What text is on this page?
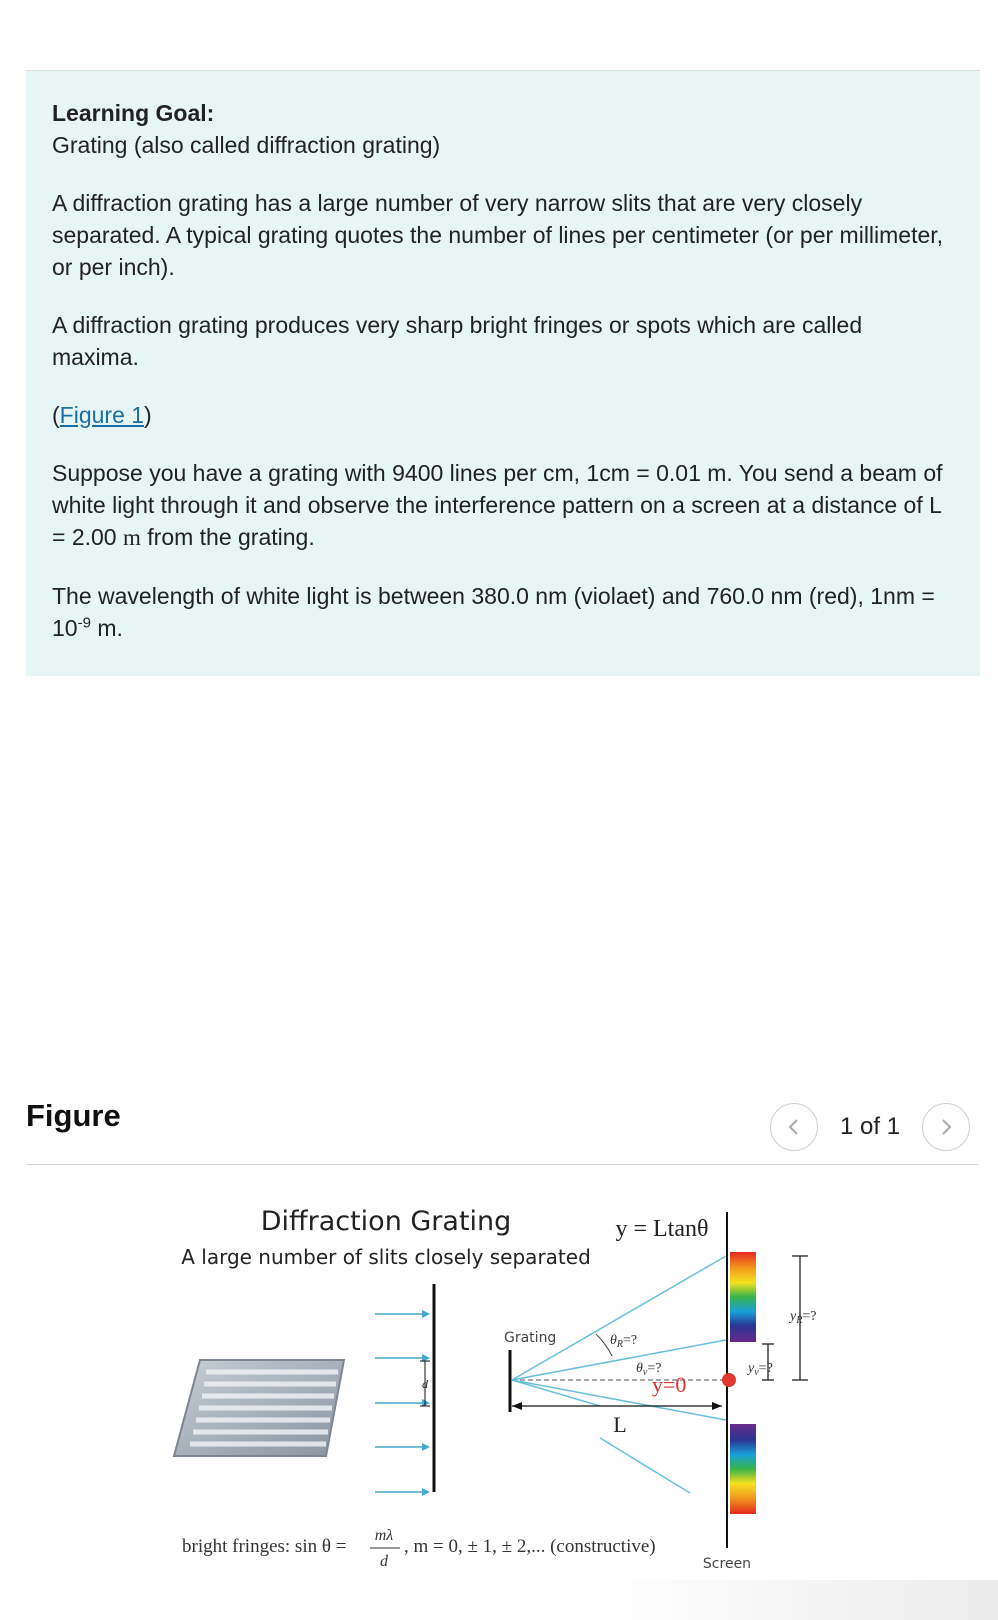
Learning Goal:

Grating (also called diffraction grating)

A diffraction grating has a large number of very narrow slits that are very closely separated. A typical grating quotes the number of lines per centimeter (or per millimeter, or per inch).

A diffraction grating produces very sharp bright fringes or spots which are called maxima.

(Figure 1)

Suppose you have a grating with 9400 lines per cm, 1cm = 0.01 m. You send a beam of white light through it and observe the interference pattern on a screen at a distance of L = 2.00 m from the grating.

The wavelength of white light is between 380.0 nm (violaet) and 760.0 nm (red), $1nm = 10^{-9}$ m.

Figure	1 of 1
Diffraction Grating
A large number of slits closely separated
y = Ltanθ
d
Grating	$\theta_R=$?
$\theta_v=$?
y=0
L
$y_R=$?
$y_v=$?
bright fringes: sin θ =
mλ
d
, m = 0, ± 1, ± 2,... (constructive)
Screen
